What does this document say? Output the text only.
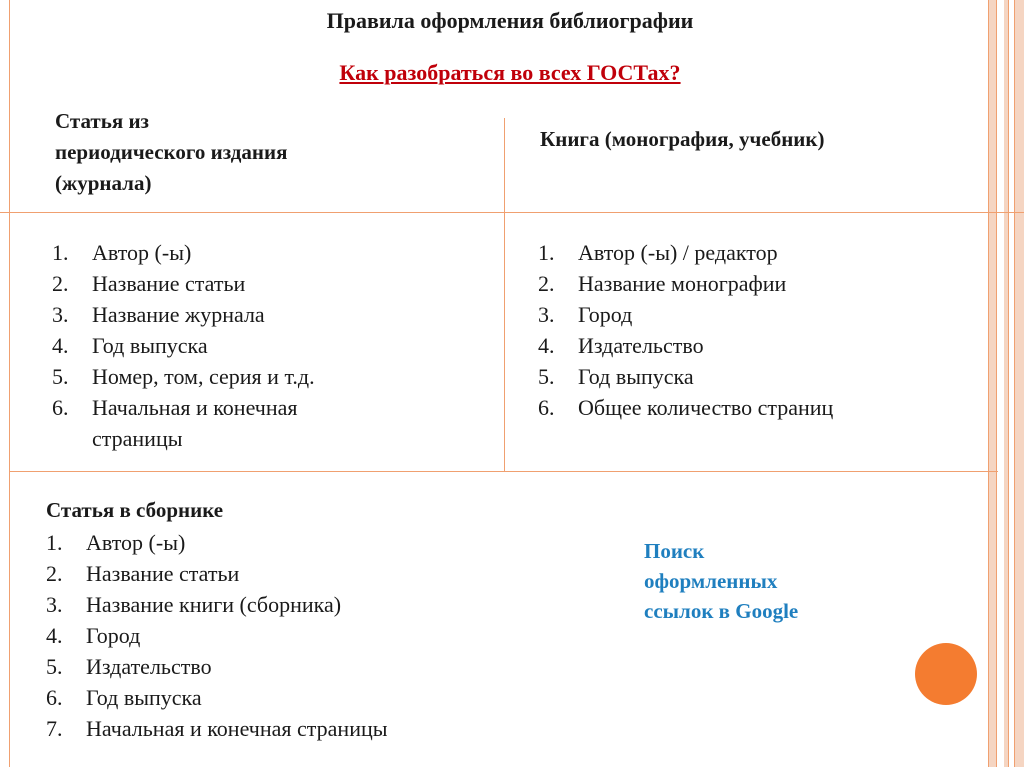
Правила оформления библиографии
Как разобраться во всех ГОСТах?
Статья из
периодического издания
(журнала)
Книга (монография, учебник)
1.	Автор (-ы)
2.	Название статьи
3.	Название журнала
4.	Год выпуска
5.	Номер, том, серия и т.д.
6.	Начальная и конечная страницы
1.	Автор (-ы) / редактор
2.	Название монографии
3.	Город
4.	Издательство
5.	Год выпуска
6.	Общее количество страниц
Статья в сборнике
1.	Автор (-ы)
2.	Название статьи
3.	Название книги (сборника)
4.	Город
5.	Издательство
6.	Год выпуска
7.	Начальная и конечная страницы
Поиск
оформленных
ссылок в Google
